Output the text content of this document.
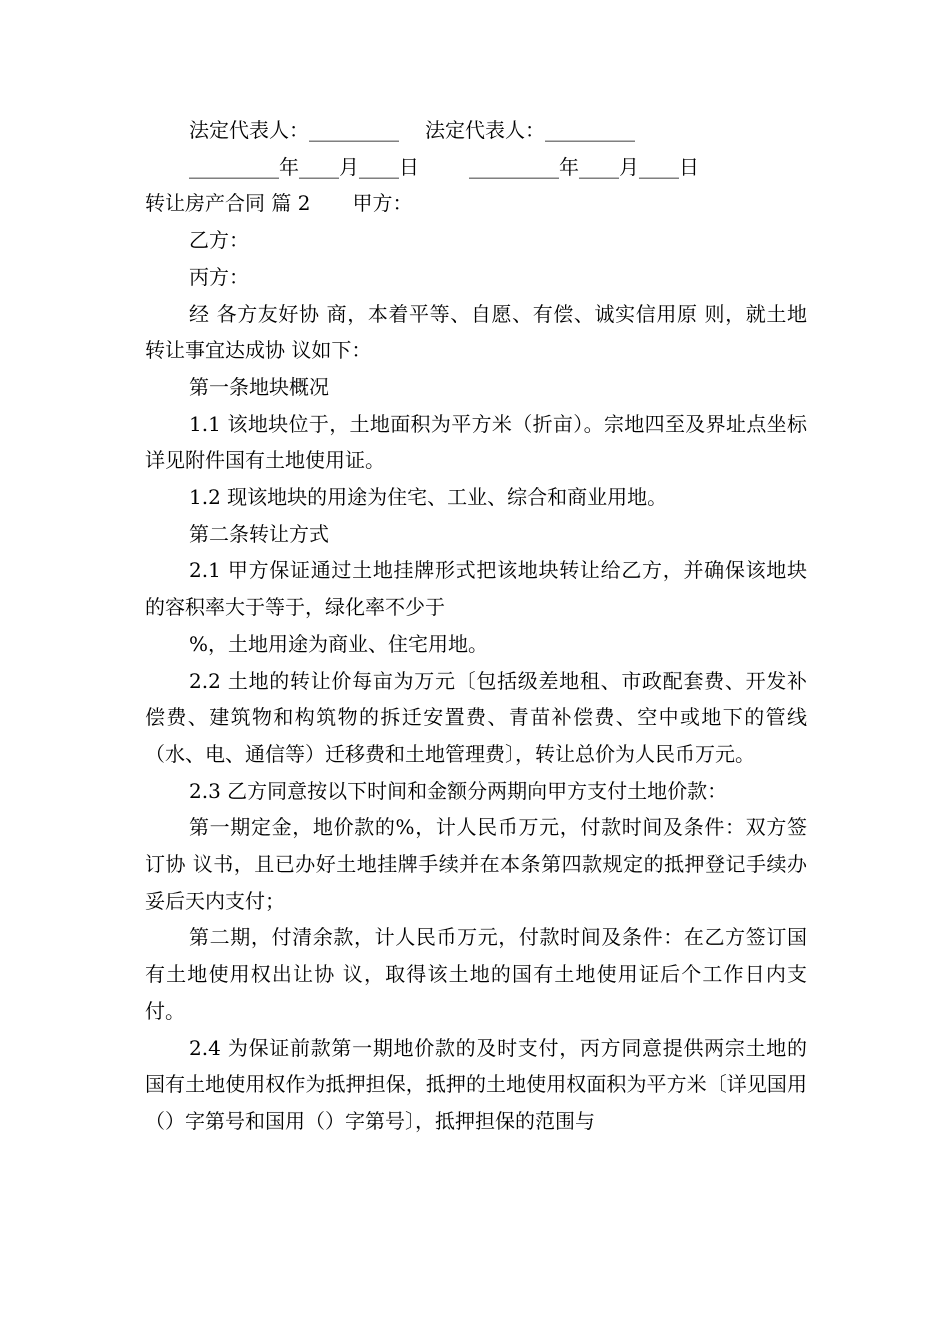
法定代表人：_________ 法定代表人：_________
_________年____月____日	_________年____月____日
转让房产合同 篇 2 甲方：

乙方：

丙方：

经 各方友好协 商，本着平等、自愿、有偿、诚实信用原 则，就土地转让事宜达成协 议如下：

第一条地块概况

1.1 该地块位于，土地面积为平方米（折亩）。宗地四至及界址点坐标详见附件国有土地使用证。

1.2 现该地块的用途为住宅、工业、综合和商业用地。

第二条转让方式

2.1 甲方保证通过土地挂牌形式把该地块转让给乙方，并确保该地块的容积率大于等于，绿化率不少于

%，土地用途为商业、住宅用地。

2.2 土地的转让价每亩为万元〔包括级差地租、市政配套费、开发补偿费、建筑物和构筑物的拆迁安置费、青苗补偿费、空中或地下的管线（水、电、通信等）迁移费和土地管理费〕，转让总价为人民币万元。

2.3 乙方同意按以下时间和金额分两期向甲方支付土地价款：

第一期定金，地价款的%，计人民币万元，付款时间及条件：双方签订协 议书，且已办好土地挂牌手续并在本条第四款规定的抵押登记手续办妥后天内支付；

第二期，付清余款，计人民币万元，付款时间及条件：在乙方签订国有土地使用权出让协 议，取得该土地的国有土地使用证后个工作日内支付。

2.4 为保证前款第一期地价款的及时支付，丙方同意提供两宗土地的国有土地使用权作为抵押担保，抵押的土地使用权面积为平方米〔详见国用（）字第号和国用（）字第号〕，抵押担保的范围与
